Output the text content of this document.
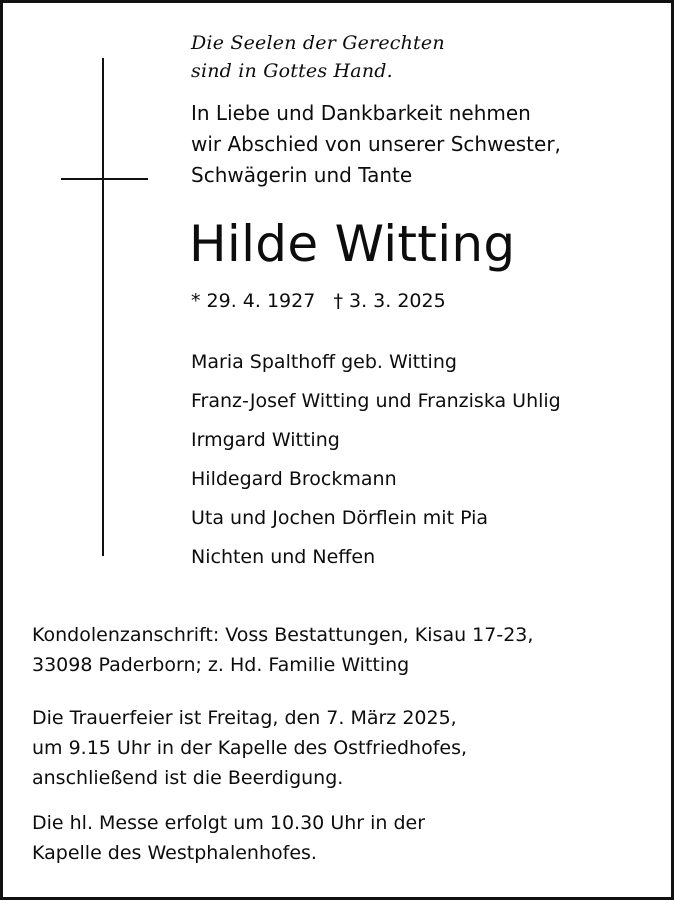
Die Seelen der Gerechten
sind in Gottes Hand.
In Liebe und Dankbarkeit nehmen
wir Abschied von unserer Schwester,
Schwägerin und Tante
Hilde Witting
* 29. 4. 1927 † 3. 3. 2025
Maria Spalthoff geb. Witting
Franz-Josef Witting und Franziska Uhlig
Irmgard Witting
Hildegard Brockmann
Uta und Jochen Dörflein mit Pia
Nichten und Neffen

Kondolenzanschrift: Voss Bestattungen, Kisau 17-23,
33098 Paderborn; z. Hd. Familie Witting

Die Trauerfeier ist Freitag, den 7. März 2025,
um 9.15 Uhr in der Kapelle des Ostfriedhofes,
anschließend ist die Beerdigung.

Die hl. Messe erfolgt um 10.30 Uhr in der
Kapelle des Westphalenhofes.
